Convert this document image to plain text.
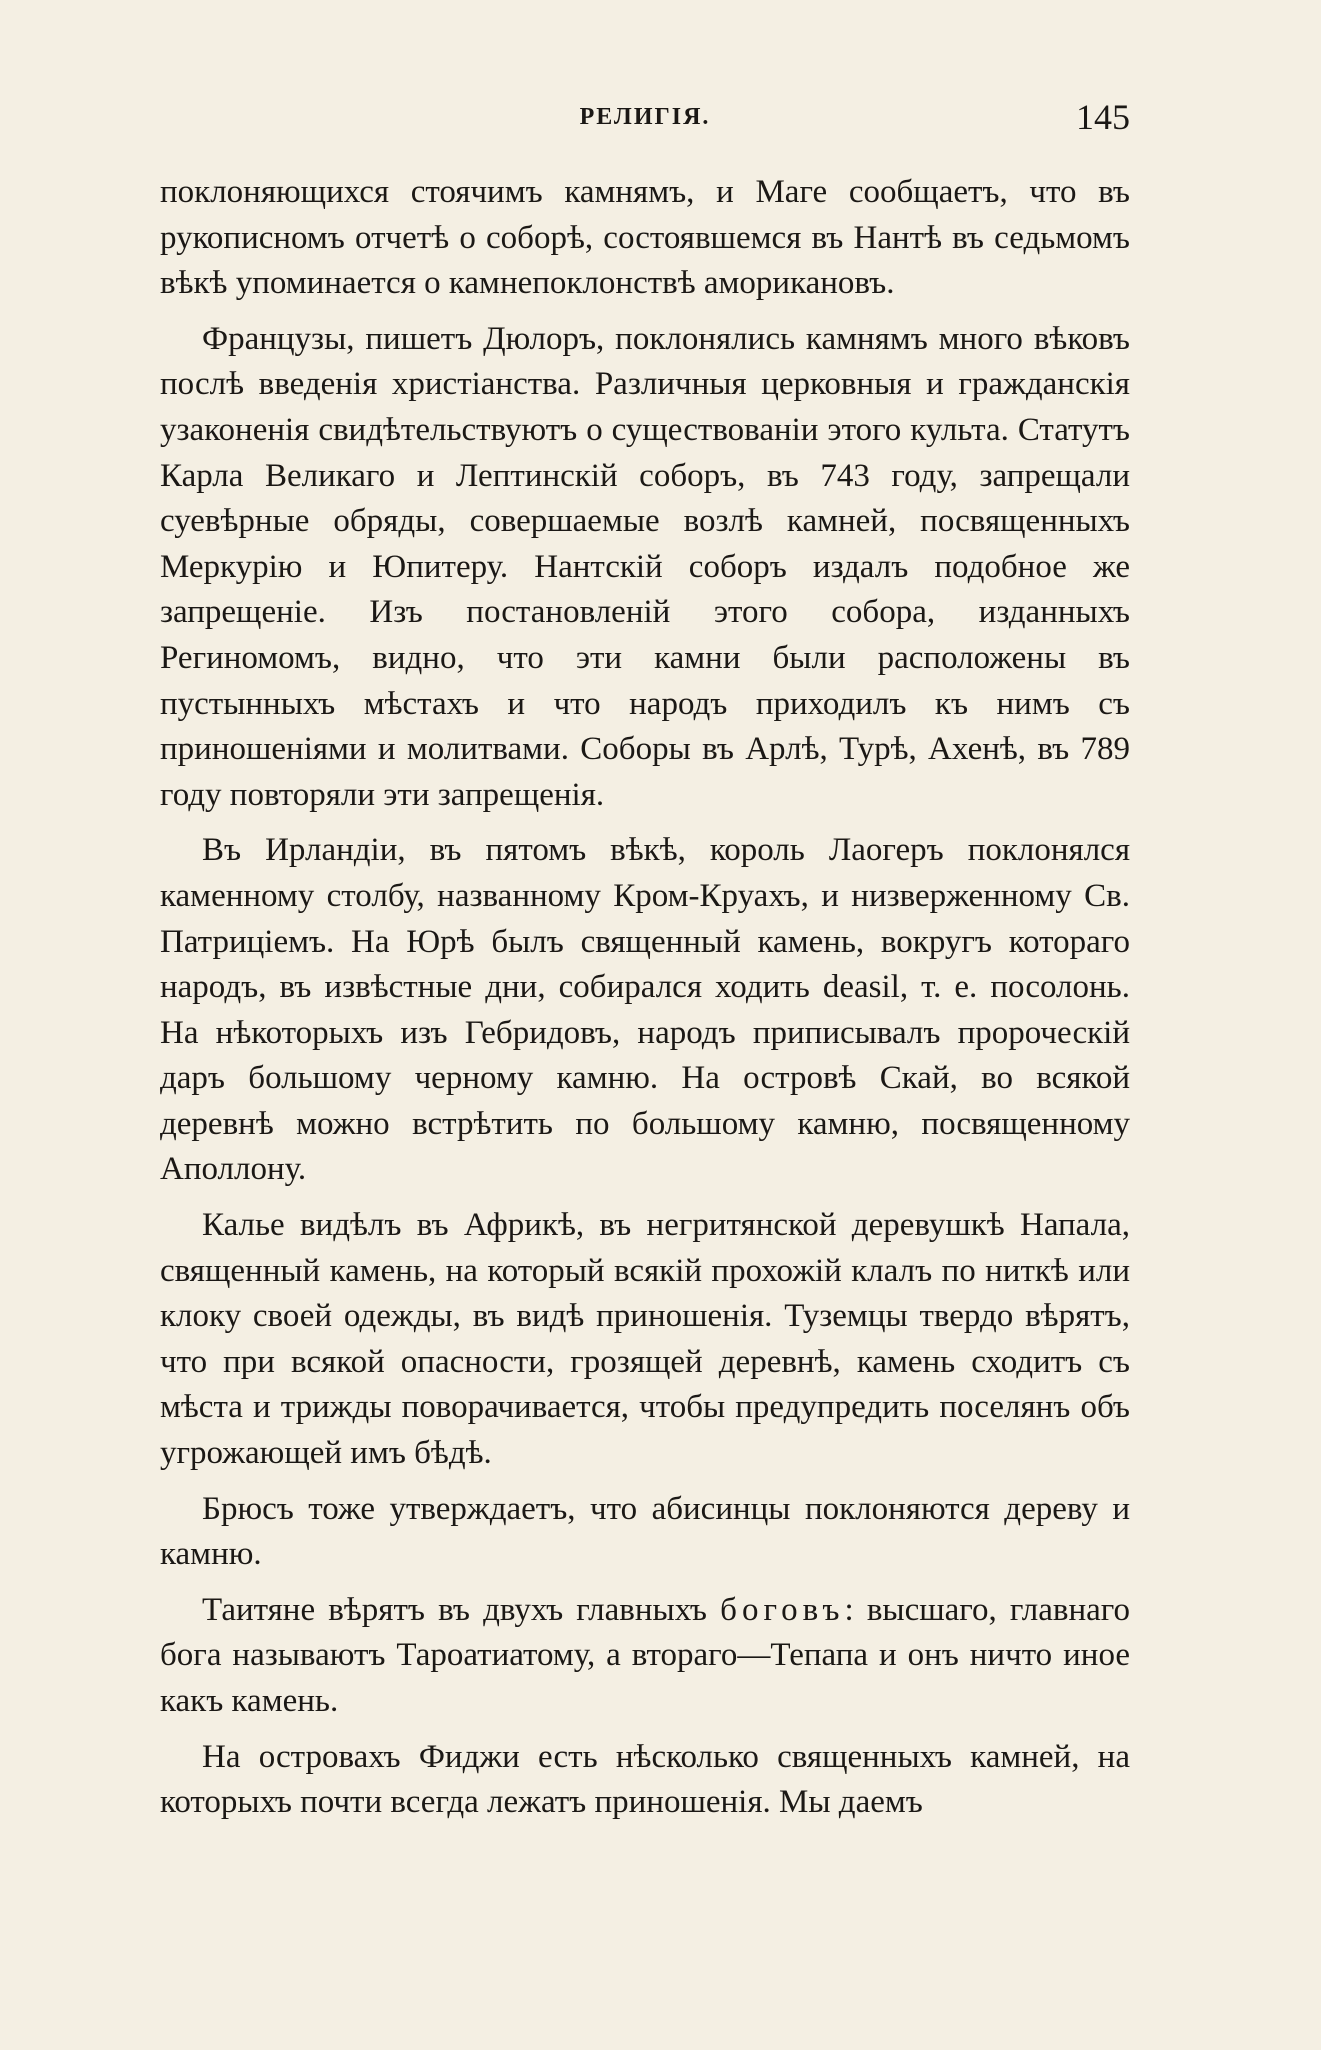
РЕЛИГІЯ.	145

поклоняющихся стоячимъ камнямъ, и Маге сообщаетъ, что въ рукописномъ отчетѣ о соборѣ, состоявшемся въ Нантѣ въ седьмомъ вѣкѣ упоминается о камнепоклонствѣ аморикановъ.

Французы, пишетъ Дюлоръ, поклонялись камнямъ много вѣковъ послѣ введенія христіанства. Различныя церковныя и гражданскія узаконенія свидѣтельствуютъ о существованіи этого культа. Статутъ Карла Великаго и Лептинскій соборъ, въ 743 году, запрещали суевѣрные обряды, совершаемые возлѣ камней, посвященныхъ Меркурію и Юпитеру. Нантскій соборъ издалъ подобное же запрещеніе. Изъ постановленій этого собора, изданныхъ Региномомъ, видно, что эти камни были расположены въ пустынныхъ мѣстахъ и что народъ приходилъ къ нимъ съ приношеніями и молитвами. Соборы въ Арлѣ, Турѣ, Ахенѣ, въ 789 году повторяли эти запрещенія.

Въ Ирландіи, въ пятомъ вѣкѣ, король Лаогеръ поклонялся каменному столбу, названному Кром-Круахъ, и низверженному Св. Патриціемъ. На Юрѣ былъ священный камень, вокругъ котораго народъ, въ извѣстные дни, собирался ходить deasil, т. е. посолонь. На нѣкоторыхъ изъ Гебридовъ, народъ приписывалъ пророческій даръ большому черному камню. На островѣ Скай, во всякой деревнѣ можно встрѣтить по большому камню, посвященному Аполлону.

Калье видѣлъ въ Африкѣ, въ негритянской деревушкѣ Напала, священный камень, на который всякій прохожій клалъ по ниткѣ или клоку своей одежды, въ видѣ приношенія. Туземцы твердо вѣрятъ, что при всякой опасности, грозящей деревнѣ, камень сходитъ съ мѣста и трижды поворачивается, чтобы предупредить поселянъ объ угрожающей имъ бѣдѣ.

Брюсъ тоже утверждаетъ, что абисинцы поклоняются дереву и камню.

Таитяне вѣрятъ въ двухъ главныхъ боговъ: высшаго, главнаго бога называютъ Тароатиатому, а втораго—Тепапа и онъ ничто иное какъ камень.

На островахъ Фиджи есть нѣсколько священныхъ камней, на которыхъ почти всегда лежатъ приношенія. Мы даемъ
